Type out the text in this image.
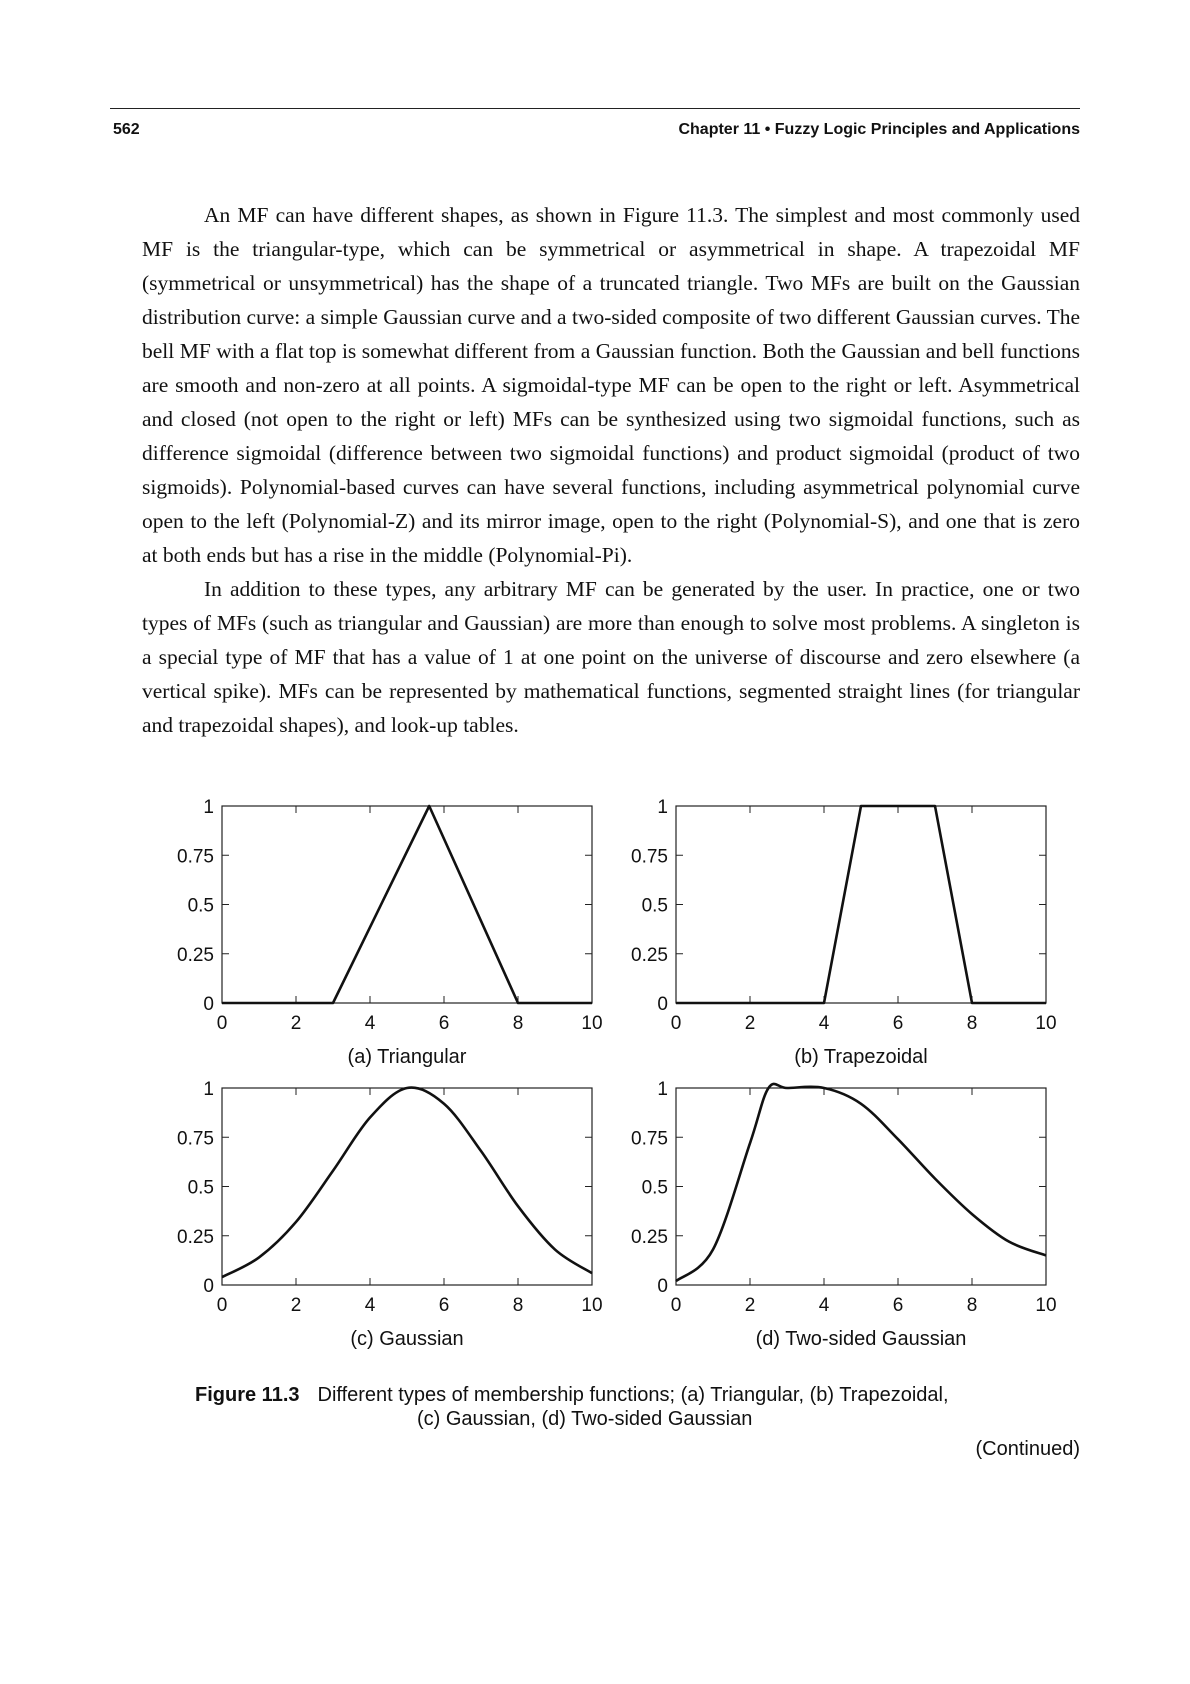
562	Chapter 11 • Fuzzy Logic Principles and Applications

An MF can have different shapes, as shown in Figure 11.3. The simplest and most commonly used MF is the triangular-type, which can be symmetrical or asymmetrical in shape. A trapezoidal MF (symmetrical or unsymmetrical) has the shape of a truncated triangle. Two MFs are built on the Gaussian distribution curve: a simple Gaussian curve and a two-sided composite of two different Gaussian curves. The bell MF with a flat top is somewhat different from a Gaussian function. Both the Gaussian and bell functions are smooth and non-zero at all points. A sigmoidal-type MF can be open to the right or left. Asymmetrical and closed (not open to the right or left) MFs can be synthesized using two sigmoidal functions, such as difference sigmoidal (difference between two sigmoidal functions) and product sigmoidal (product of two sigmoids). Polynomial-based curves can have several functions, including asymmetrical polynomial curve open to the left (Polynomial-Z) and its mirror image, open to the right (Polynomial-S), and one that is zero at both ends but has a rise in the middle (Polynomial-Pi).

In addition to these types, any arbitrary MF can be generated by the user. In practice, one or two types of MFs (such as triangular and Gaussian) are more than enough to solve most problems. A singleton is a special type of MF that has a value of 1 at one point on the universe of discourse and zero elsewhere (a vertical spike). MFs can be represented by mathematical functions, segmented straight lines (for triangular and trapezoidal shapes), and look-up tables.

0	2	4	6	8	10
0
0.25
0.5
0.75
1
(a) Triangular
0	2	4	6	8	10
0
0.25
0.5
0.75
1
(b) Trapezoidal
0	2	4	6	8	10
0
0.25
0.5
0.75
1
(c) Gaussian
0	2	4	6	8	10
0
0.25
0.5
0.75
1
(d) Two-sided Gaussian
Figure 11.3 Different types of membership functions; (a) Triangular, (b) Trapezoidal,
(c) Gaussian, (d) Two-sided Gaussian
(Continued)
